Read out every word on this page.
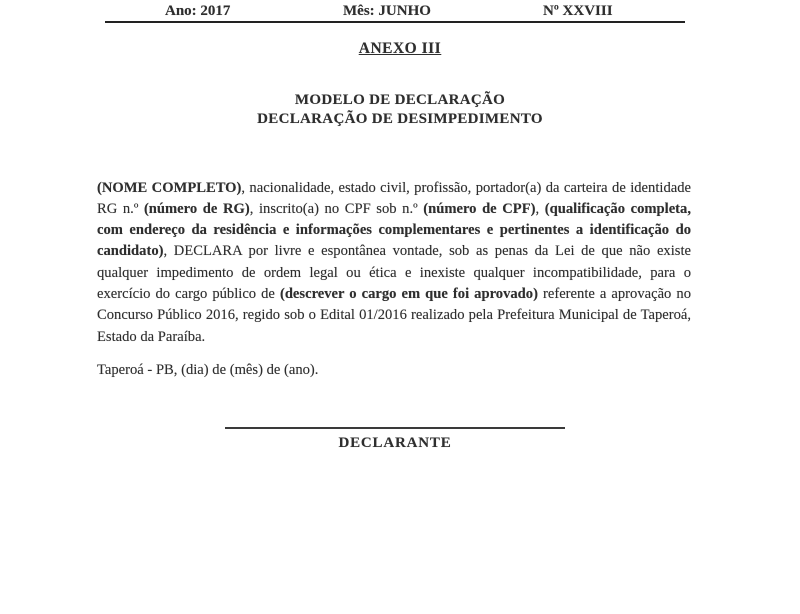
Ano: 2017	Mês: JUNHO	Nº XXVIII
ANEXO III
MODELO DE DECLARAÇÃO
DECLARAÇÃO DE DESIMPEDIMENTO

(NOME COMPLETO), nacionalidade, estado civil, profissão, portador(a) da carteira de identidade RG n.º (número de RG), inscrito(a) no CPF sob n.º (número de CPF), (qualificação completa, com endereço da residência e informações complementares e pertinentes a identificação do candidato), DECLARA por livre e espontânea vontade, sob as penas da Lei de que não existe qualquer impedimento de ordem legal ou ética e inexiste qualquer incompatibilidade, para o exercício do cargo público de (descrever o cargo em que foi aprovado) referente a aprovação no Concurso Público 2016, regido sob o Edital 01/2016 realizado pela Prefeitura Municipal de Taperoá, Estado da Paraíba.

Taperoá - PB, (dia) de (mês) de (ano).
DECLARANTE
